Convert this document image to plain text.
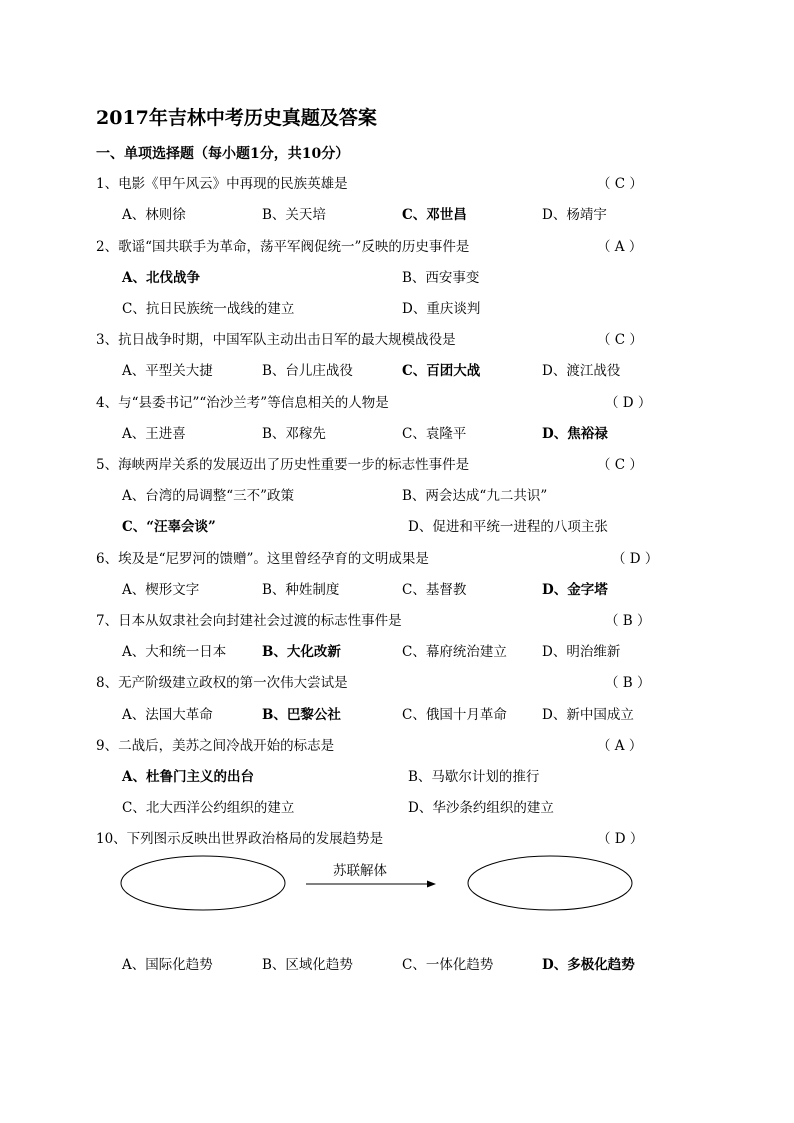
2017年吉林中考历史真题及答案
一、单项选择题（每小题1分，共10分）
1、电影《甲午风云》中再现的民族英雄是	（ C ）
A、林则徐	B、关天培	C、邓世昌	D、杨靖宇
2、歌谣“国共联手为革命，荡平军阀促统一”反映的历史事件是	（ A ）
A、北伐战争	B、西安事变
C、抗日民族统一战线的建立	D、重庆谈判
3、抗日战争时期，中国军队主动出击日军的最大规模战役是	（ C ）
A、平型关大捷	B、台儿庄战役	C、百团大战	D、渡江战役
4、与“县委书记”“治沙兰考”等信息相关的人物是	（ D ）
A、王进喜	B、邓稼先	C、袁隆平	D、焦裕禄
5、海峡两岸关系的发展迈出了历史性重要一步的标志性事件是	（ C ）
A、台湾的局调整“三不”政策	B、两会达成“九二共识”
C、“汪辜会谈”	D、促进和平统一进程的八项主张
6、埃及是“尼罗河的馈赠”。这里曾经孕育的文明成果是	（ D ）
A、楔形文字	B、种姓制度	C、基督教	D、金字塔
7、日本从奴隶社会向封建社会过渡的标志性事件是	（ B ）
A、大和统一日本	B、大化改新	C、幕府统治建立	D、明治维新
8、无产阶级建立政权的第一次伟大尝试是	（ B ）
A、法国大革命	B、巴黎公社	C、俄国十月革命	D、新中国成立
9、二战后，美苏之间冷战开始的标志是	（ A ）
A、杜鲁门主义的出台	B、马歇尔计划的推行
C、北大西洋公约组织的建立	D、华沙条约组织的建立
10、下列图示反映出世界政治格局的发展趋势是	（ D ）
苏联解体
A、国际化趋势	B、区域化趋势	C、一体化趋势	D、多极化趋势
